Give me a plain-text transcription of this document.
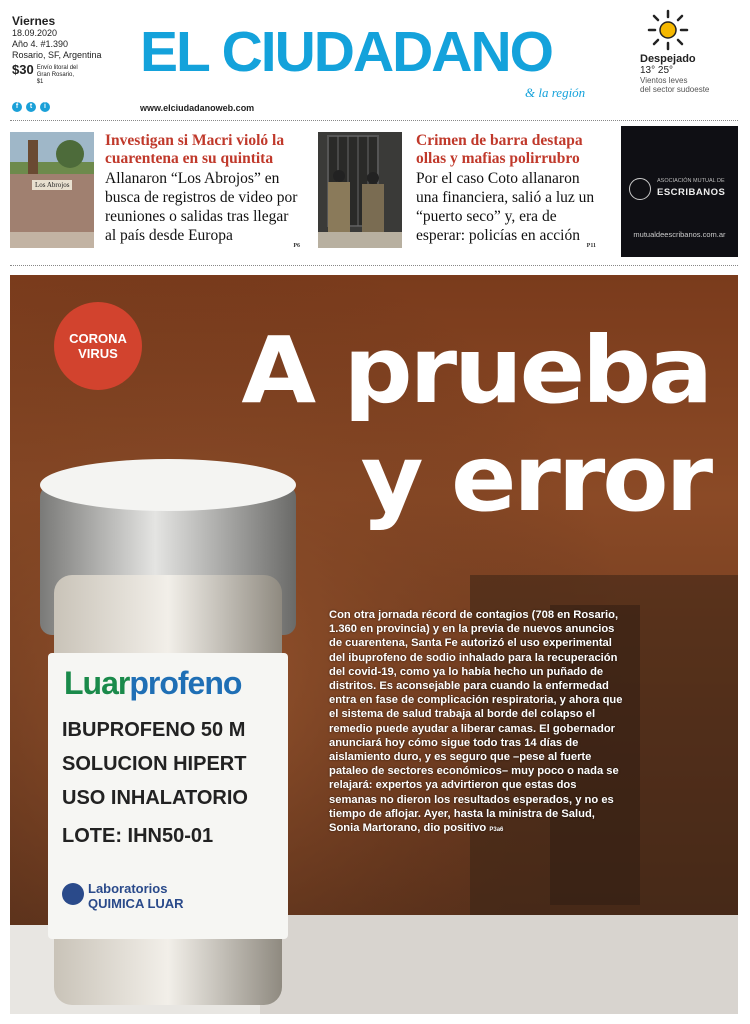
Viernes
18.09.2020
Año 4. #1.390
Rosario, SF, Argentina
$30 Envío litoral del Gran Rosario, $1
f	t	i
EL CIUDADANO
& la región
www.elciudadanoweb.com
Despejado
13° 25°
Vientos leves
del sector sudoeste
Los Abrojos
Investigan si Macri violó la cuarentena en su quintita
Allanaron “Los Abrojos” en busca de registros de video por reuniones o salidas tras llegar al país desde Europa
P6
Crimen de barra destapa ollas y mafias polirrubro
Por el caso Coto allanaron una financiera, salió a luz un “puerto seco” y, era de esperar: policías en acción
P11
ASOCIACIÓN MUTUAL DE
ESCRIBANOS
mutualdeescribanos.com.ar
CORONA
VIRUS	A prueba
y error
Luarprofeno
IBUPROFENO 50 M
SOLUCION HIPERT
USO INHALATORIO
LOTE: IHN50-01
Laboratorios
QUIMICA LUAR
Con otra jornada récord de contagios (708 en Rosario, 1.360 en provincia) y en la previa de nuevos anuncios de cuarentena, Santa Fe autorizó el uso experimental del ibuprofeno de sodio inhalado para la recuperación del covid-19, como ya lo había hecho un puñado de distritos. Es aconsejable para cuando la enfermedad entra en fase de complicación respiratoria, y ahora que el sistema de salud trabaja al borde del colapso el remedio puede ayudar a liberar camas. El gobernador anunciará hoy cómo sigue todo tras 14 días de aislamiento duro, y es seguro que –pese al fuerte pataleo de sectores económicos– muy poco o nada se relajará: expertos ya advirtieron que estas dos semanas no dieron los resultados esperados, y no es tiempo de aflojar. Ayer, hasta la ministra de Salud, Sonia Martorano, dio positivo P3a6
